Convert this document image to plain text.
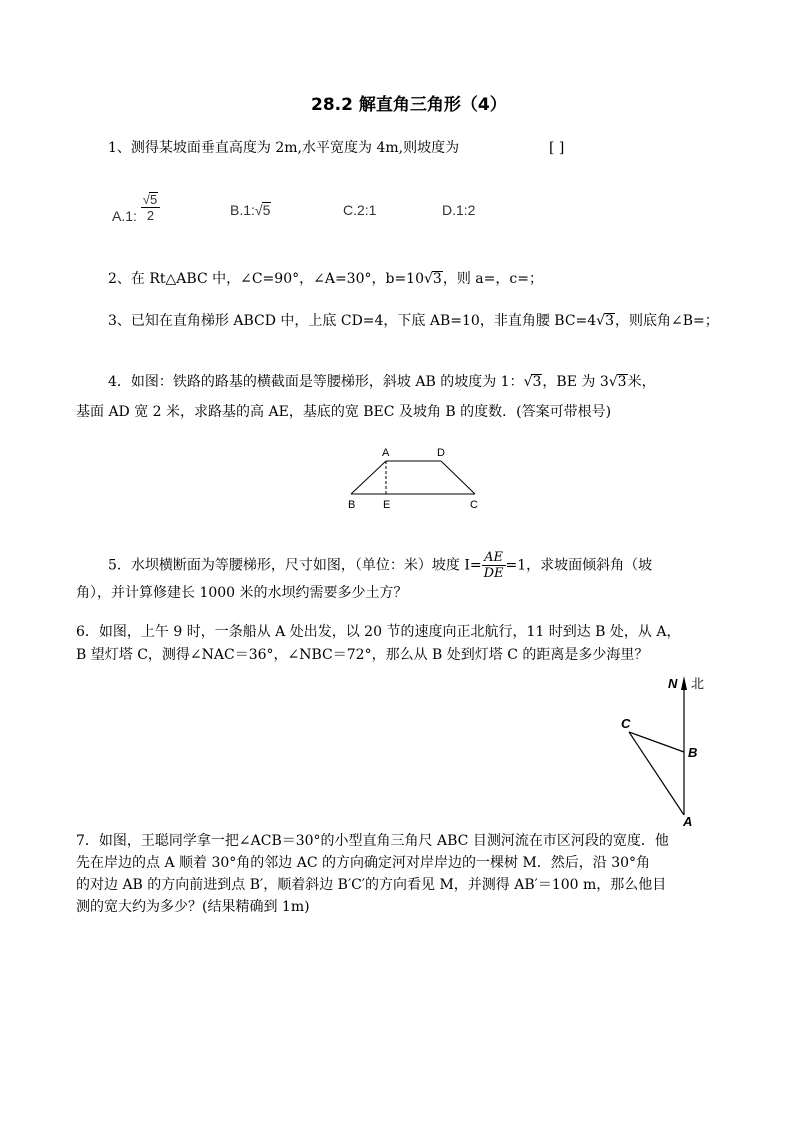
28.2 解直角三角形（4）
1、测得某坡面垂直高度为 2m,水平宽度为 4m,则坡度为	[ ]
A.1: $\frac{√5}{2}$	B.1:√5	C.2:1	D.1:2
2、在 Rt△ABC 中，∠C=90°，∠A=30°，b=10√3，则 a=，c=；
3、已知在直角梯形 ABCD 中，上底 CD=4，下底 AB=10，非直角腰 BC=4√3，则底角∠B=；
4．如图：铁路的路基的横截面是等腰梯形，斜坡 AB 的坡度为 1：√3，BE 为 3√3米，
基面 AD 宽 2 米，求路基的高 AE，基底的宽 BEC 及坡角 B 的度数．(答案可带根号)
A	D
B	E	C
5．水坝横断面为等腰梯形，尺寸如图，（单位：米）坡度 $I= \frac{AE}{DE} =1$，求坡面倾斜角（坡
角），并计算修建长 1000 米的水坝约需要多少土方？
6．如图，上午 9 时，一条船从 A 处出发，以 20 节的速度向正北航行，11 时到达 B 处，从 A，
B 望灯塔 C，测得∠NAC＝36°，∠NBC＝72°，那么从 B 处到灯塔 C 的距离是多少海里？
N 北
C
B
A
7．如图，王聪同学拿一把∠ACB＝30°的小型直角三角尺 ABC 目测河流在市区河段的宽度．他
先在岸边的点 A 顺着 30°角的邻边 AC 的方向确定河对岸岸边的一棵树 M．然后，沿 30°角
的对边 AB 的方向前进到点 B′，顺着斜边 B′C′的方向看见 M，并测得 AB′＝100 m，那么他目
测的宽大约为多少？(结果精确到 1m)
